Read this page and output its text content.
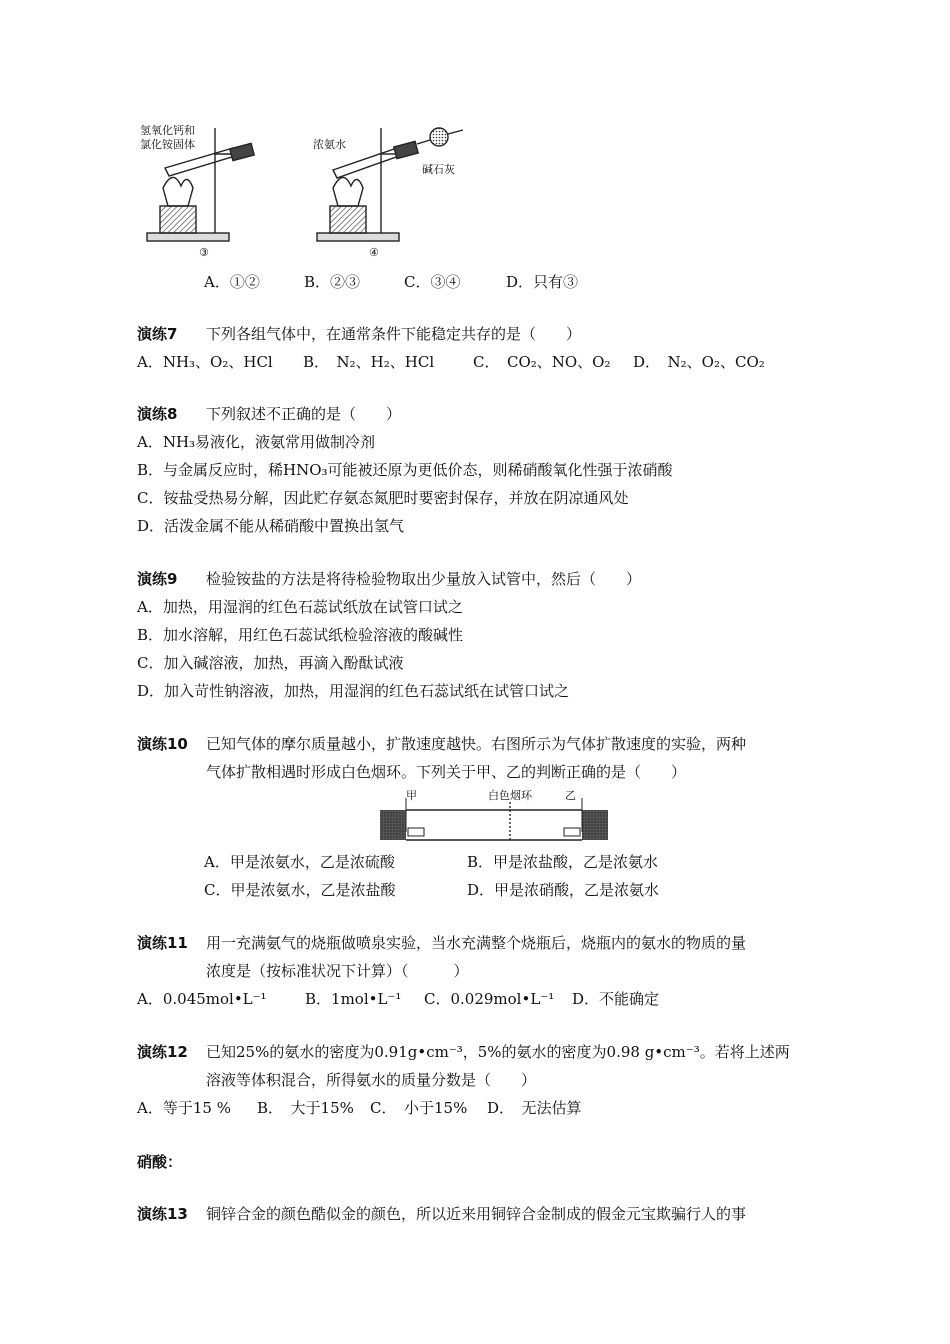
氢氧化钙和
氯化铵固体
③
浓氨水
碱石灰
④
A．①②	B．②③	C．③④	D．只有③
演练7 下列各组气体中，在通常条件下能稳定共存的是（　　）
A．NH₃、O₂、HCl B．　N₂、H₂、HCl	C．　CO₂、NO、O₂ D．　N₂、O₂、CO₂
演练8 下列叙述不正确的是（　　）
A．NH₃易液化，液氨常用做制冷剂
B．与金属反应时，稀HNO₃可能被还原为更低价态，则稀硝酸氧化性强于浓硝酸
C．铵盐受热易分解，因此贮存氨态氮肥时要密封保存，并放在阴凉通风处
D．活泼金属不能从稀硝酸中置换出氢气
演练9 检验铵盐的方法是将待检验物取出少量放入试管中，然后（　　）
A．加热，用湿润的红色石蕊试纸放在试管口试之
B．加水溶解，用红色石蕊试纸检验溶液的酸碱性
C．加入碱溶液，加热，再滴入酚酞试液
D．加入苛性钠溶液，加热，用湿润的红色石蕊试纸在试管口试之
演练10 已知气体的摩尔质量越小，扩散速度越快。右图所示为气体扩散速度的实验，两种
气体扩散相遇时形成白色烟环。下列关于甲、乙的判断正确的是（　　）
甲	白色烟环	乙
A．甲是浓氨水，乙是浓硫酸	B．甲是浓盐酸，乙是浓氨水
C．甲是浓氨水，乙是浓盐酸	D．甲是浓硝酸，乙是浓氨水
演练11 用一充满氨气的烧瓶做喷泉实验，当水充满整个烧瓶后，烧瓶内的氨水的物质的量
浓度是（按标准状况下计算）（　　　）
A．0.045mol•L⁻¹	B．1mol•L⁻¹ C．0.029mol•L⁻¹ D．不能确定
演练12 已知25%的氨水的密度为0.91g•cm⁻³，5%的氨水的密度为0.98 g•cm⁻³。若将上述两
溶液等体积混合，所得氨水的质量分数是（　　）
A．等于15 % B．　大于15% C．　小于15% D．　无法估算
硝酸：
演练13 铜锌合金的颜色酷似金的颜色，所以近来用铜锌合金制成的假金元宝欺骗行人的事
